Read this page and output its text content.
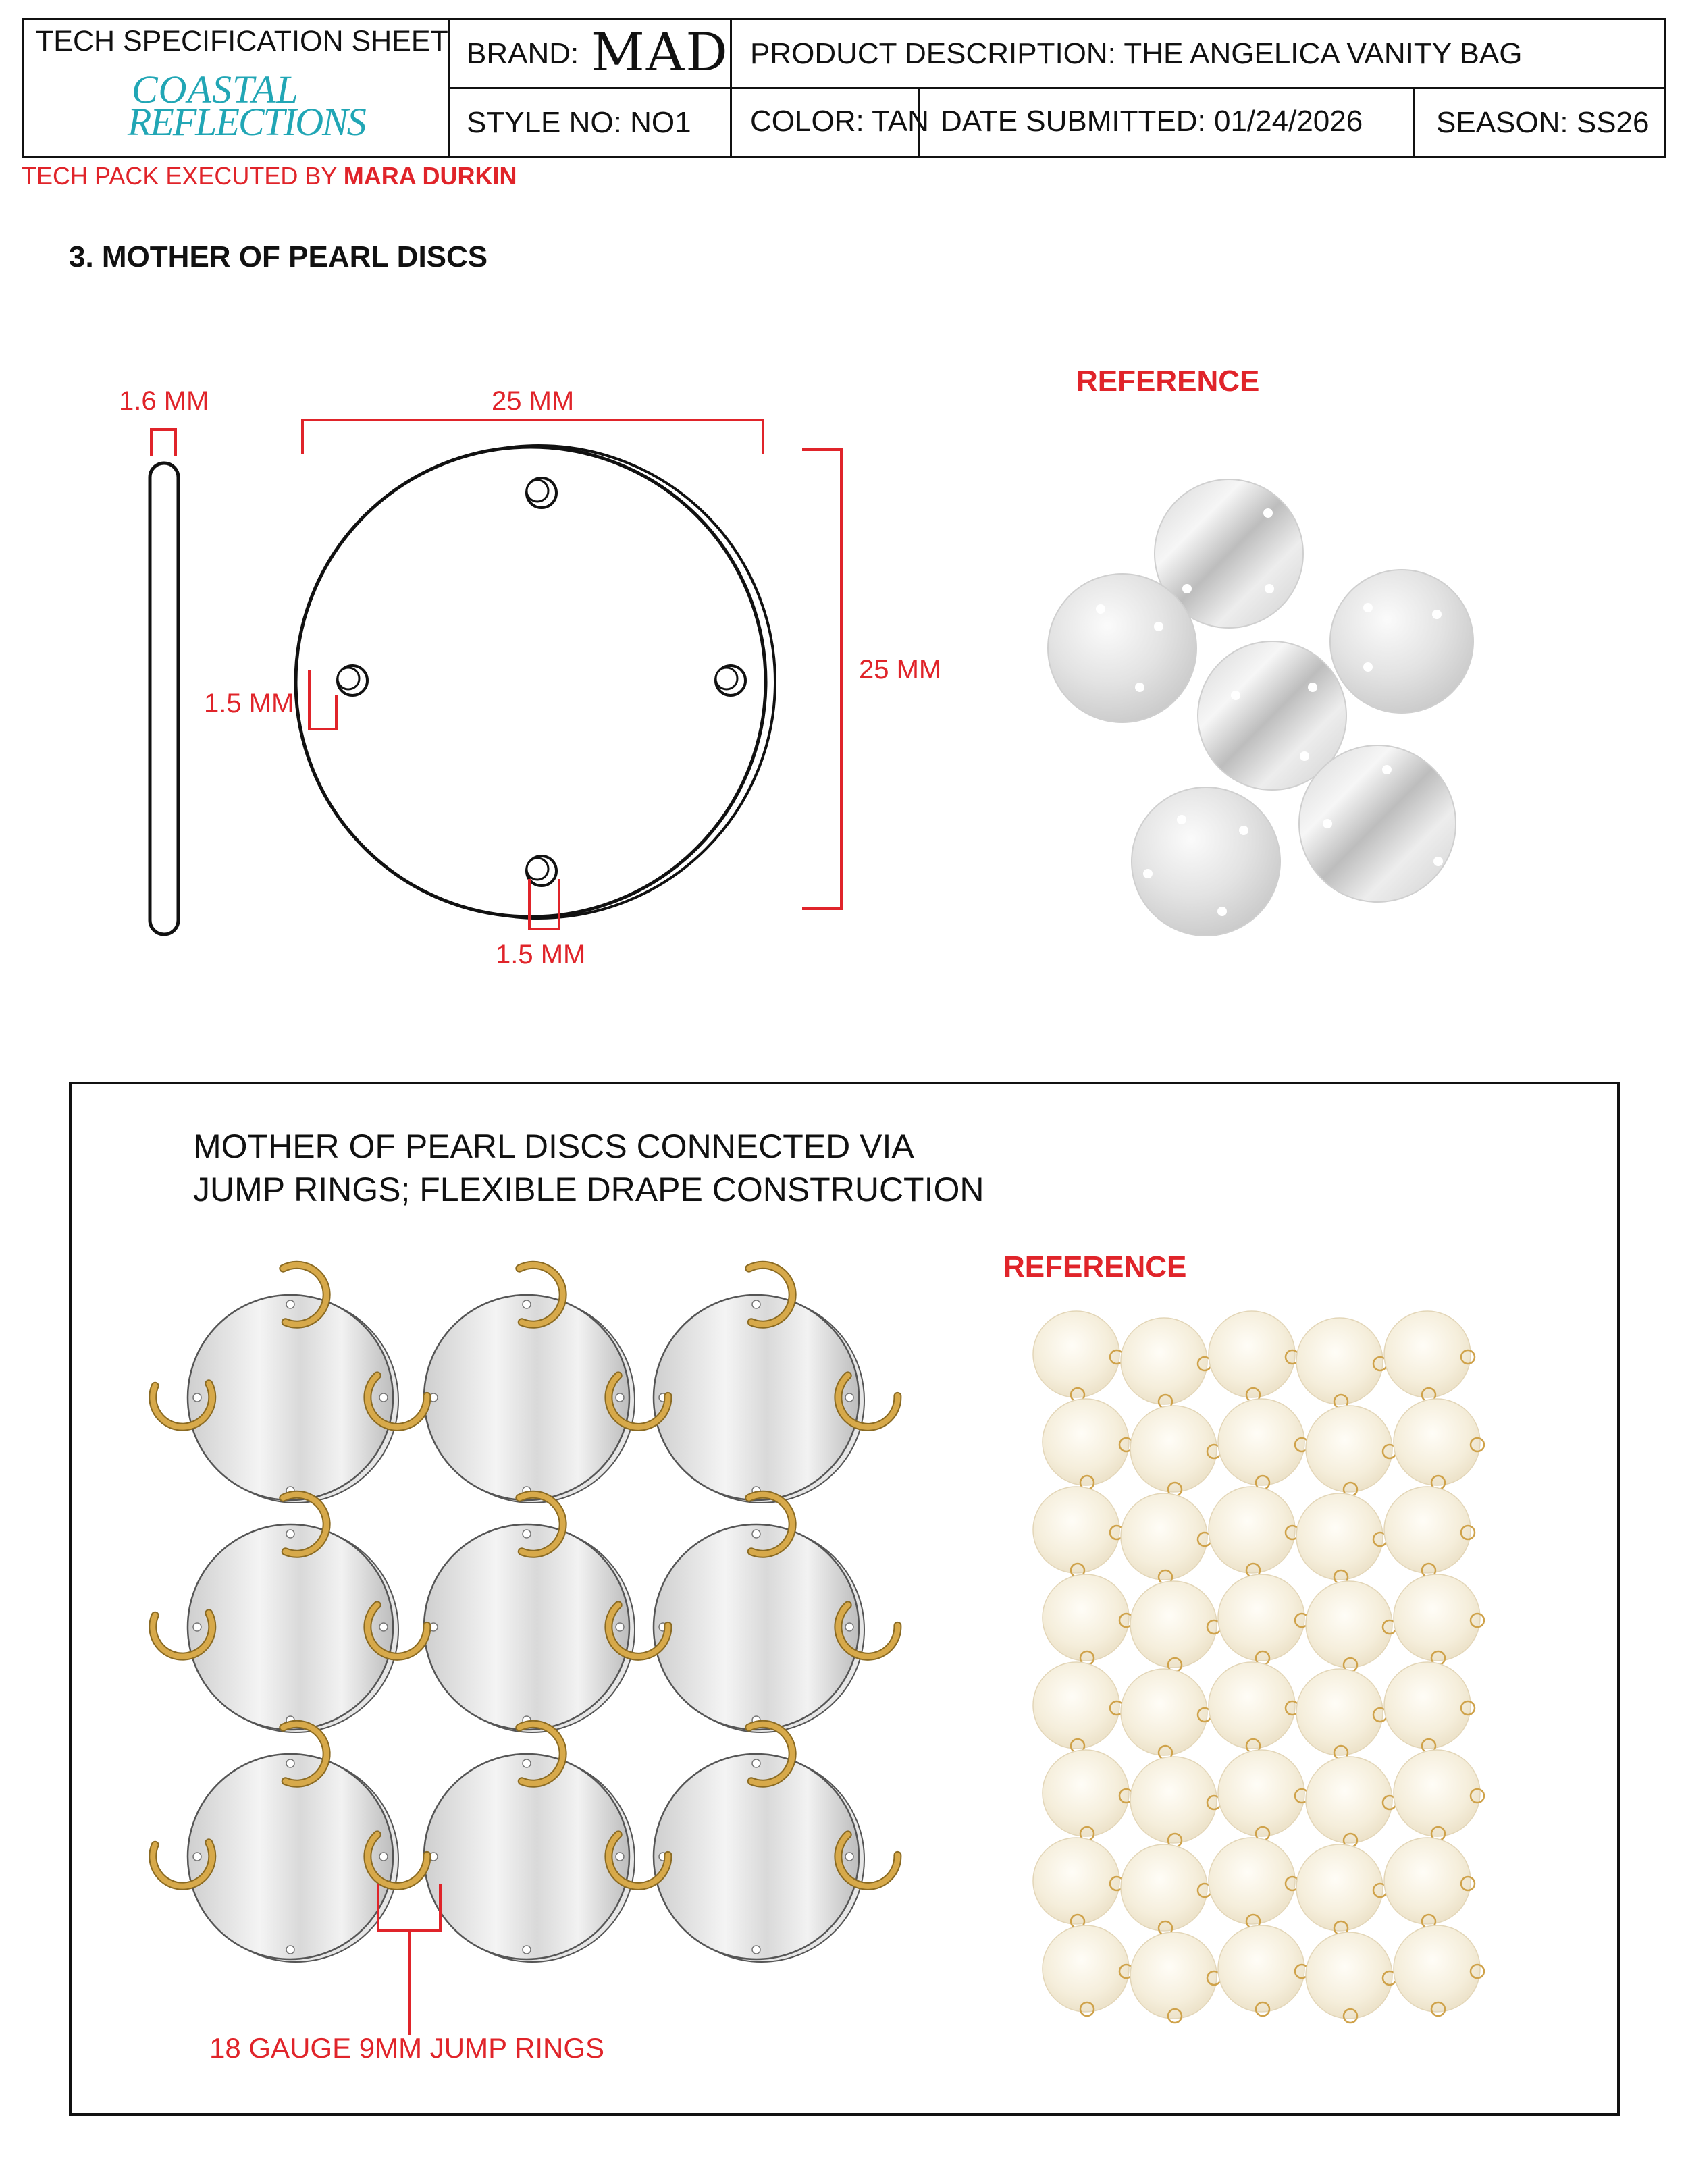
TECH SPECIFICATION SHEET
COASTAL
REFLECTIONS
BRAND: MAD PRODUCT DESCRIPTION: THE ANGELICA VANITY BAG
STYLE NO: NO1 COLOR: TAN DATE SUBMITTED: 01/24/2026 SEASON: SS26
TECH PACK EXECUTED BY MARA DURKIN
3. MOTHER OF PEARL DISCS
1.6 MM	25 MM
25 MM
1.5 MM
1.5 MM
REFERENCE
MOTHER OF PEARL DISCS CONNECTED VIA
JUMP RINGS; FLEXIBLE DRAPE CONSTRUCTION
REFERENCE
18 GAUGE 9MM JUMP RINGS
